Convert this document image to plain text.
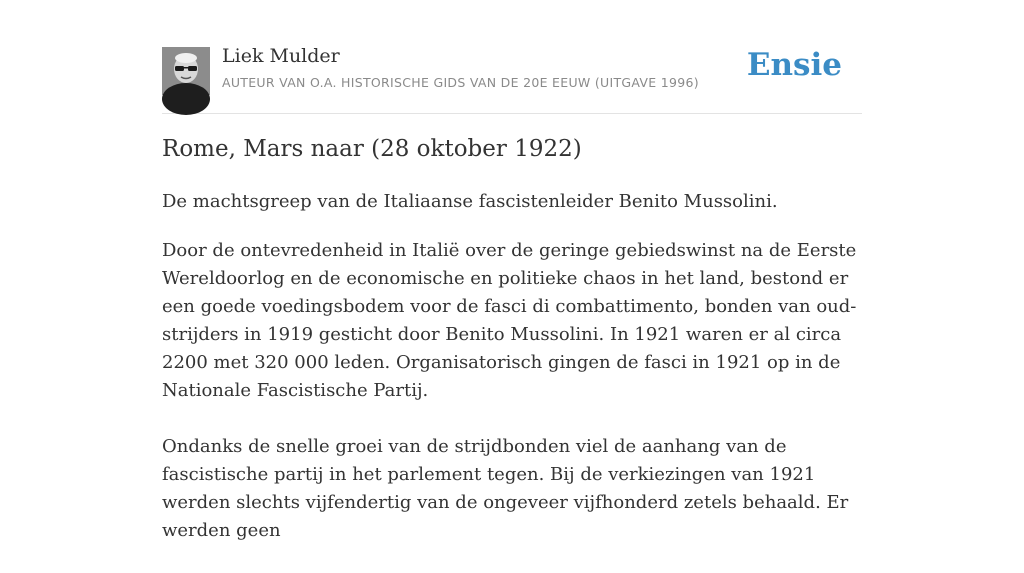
Liek Mulder
AUTEUR VAN O.A. HISTORISCHE GIDS VAN DE 20E EEUW (UITGAVE 1996) Ensie
Rome, Mars naar (28 oktober 1922)

De machtsgreep van de Italiaanse fascistenleider Benito Mussolini.

Door de ontevredenheid in Italië over de geringe gebiedswinst na de Eerste Wereldoorlog en de economische en politieke chaos in het land, bestond er een goede voedingsbodem voor de fasci di combattimento, bonden van oud-strijders in 1919 gesticht door Benito Mussolini. In 1921 waren er al circa 2200 met 320 000 leden. Organisatorisch gingen de fasci in 1921 op in de Nationale Fascistische Partij.

Ondanks de snelle groei van de strijdbonden viel de aanhang van de fascistische partij in het parlement tegen. Bij de verkiezingen van 1921 werden slechts vijfendertig van de ongeveer vijfhonderd zetels behaald. Er werden geen
